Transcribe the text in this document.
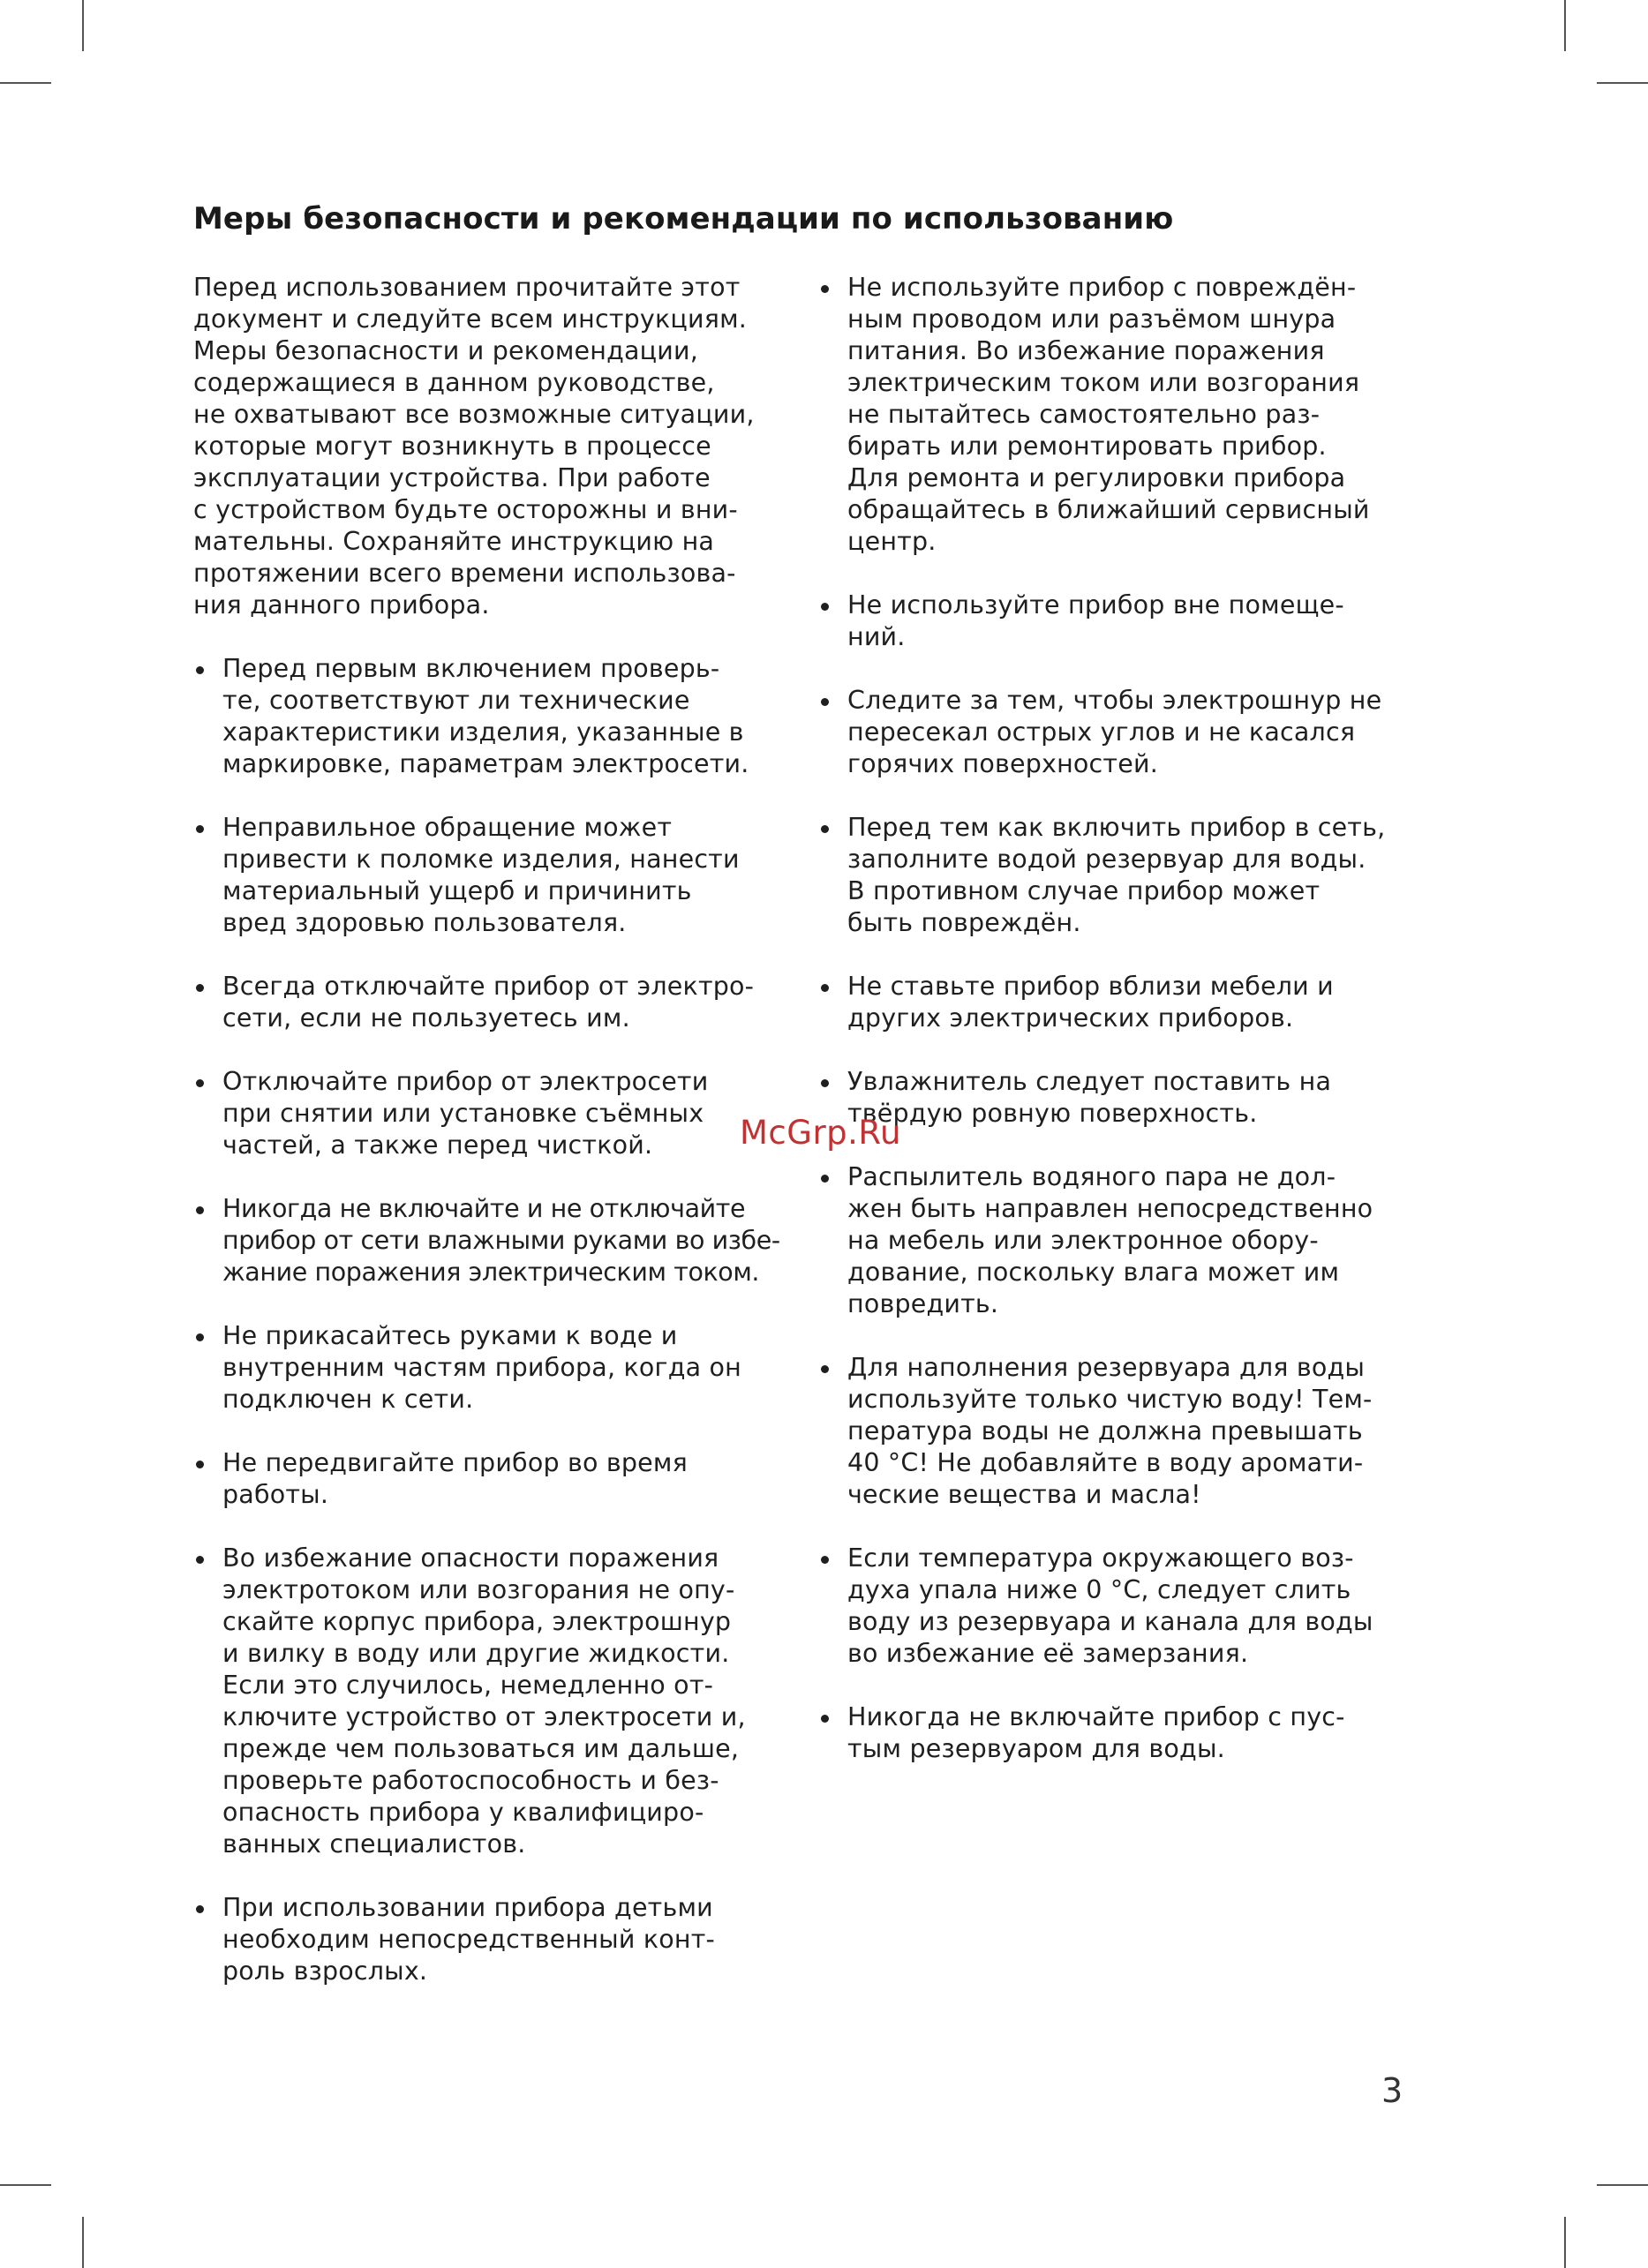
Меры безопасности и рекомендации по использованию

Перед использованием прочитайте этот
документ и следуйте всем инструкциям.
Меры безопасности и рекомендации,
содержащиеся в данном руководстве,
не охватывают все возможные ситуации,
которые могут возникнуть в процессе
эксплуатации устройства. При работе
с устройством будьте осторожны и вни-
мательны. Сохраняйте инструкцию на
протяжении всего времени использова-
ния данного прибора.

Перед первым включением проверь-
те, соответствуют ли технические
характеристики изделия, указанные в
маркировке, параметрам электросети.
Неправильное обращение может
привести к поломке изделия, нанести
материальный ущерб и причинить
вред здоровью пользователя.
Всегда отключайте прибор от электро-
сети, если не пользуетесь им.
Отключайте прибор от электросети
при снятии или установке съёмных
частей, а также перед чисткой.
Никогда не включайте и не отключайте
прибор от сети влажными руками во избе-
жание поражения электрическим током.
Не прикасайтесь руками к воде и
внутренним частям прибора, когда он
подключен к сети.
Не передвигайте прибор во время
работы.
Во избежание опасности поражения
электротоком или возгорания не опу-
скайте корпус прибора, электрошнур
и вилку в воду или другие жидкости.
Если это случилось, немедленно от-
ключите устройство от электросети и,
прежде чем пользоваться им дальше,
проверьте работоспособность и без-
опасность прибора у квалифициро-
ванных специалистов.
При использовании прибора детьми
необходим непосредственный конт-
роль взрослых.
Не используйте прибор с повреждён-
ным проводом или разъёмом шнура
питания. Во избежание поражения
электрическим током или возгорания
не пытайтесь самостоятельно раз-
бирать или ремонтировать прибор.
Для ремонта и регулировки прибора
обращайтесь в ближайший сервисный
центр.
Не используйте прибор вне помеще-
ний.
Следите за тем, чтобы электрошнур не
пересекал острых углов и не касался
горячих поверхностей.
Перед тем как включить прибор в сеть,
заполните водой резервуар для воды.
В противном случае прибор может
быть повреждён.
Не ставьте прибор вблизи мебели и
других электрических приборов.
Увлажнитель следует поставить на
твёрдую ровную поверхность.
Распылитель водяного пара не дол-
жен быть направлен непосредственно
на мебель или электронное обору-
дование, поскольку влага может им
повредить.
Для наполнения резервуара для воды
используйте только чистую воду! Тем-
пература воды не должна превышать
40 °C! Не добавляйте в воду аромати-
ческие вещества и масла!
Если температура окружающего воз-
духа упала ниже 0 °C, следует слить
воду из резервуара и канала для воды
во избежание её замерзания.
Никогда не включайте прибор с пус-
тым резервуаром для воды.
McGrp.Ru
3
